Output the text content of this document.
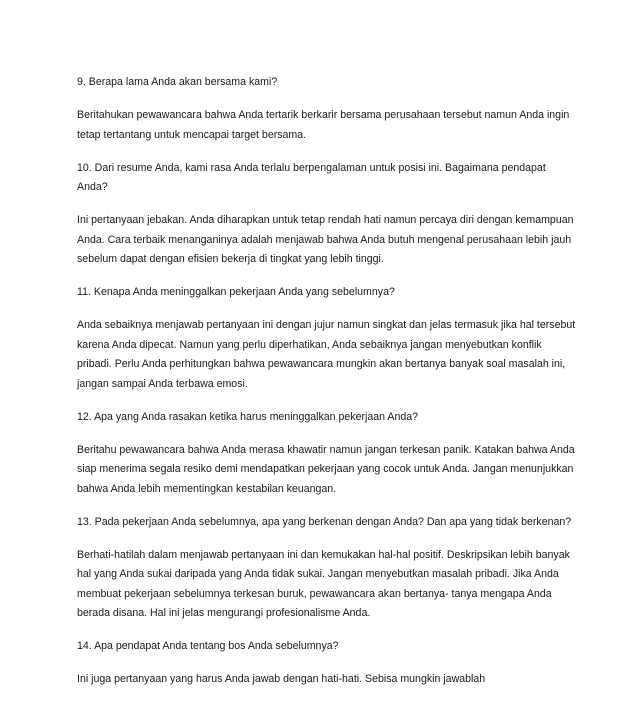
9. Berapa lama Anda akan bersama kami?

Beritahukan pewawancara bahwa Anda tertarik berkarir bersama perusahaan tersebut namun Anda ingin tetap tertantang untuk mencapai target bersama.

10. Dari resume Anda, kami rasa Anda terlalu berpengalaman untuk posisi ini. Bagaimana pendapat Anda?

Ini pertanyaan jebakan. Anda diharapkan untuk tetap rendah hati namun percaya diri dengan kemampuan Anda. Cara terbaik menanganinya adalah menjawab bahwa Anda butuh mengenal perusahaan lebih jauh sebelum dapat dengan efisien bekerja di tingkat yang lebih tinggi.

11. Kenapa Anda meninggalkan pekerjaan Anda yang sebelumnya?

Anda sebaiknya menjawab pertanyaan ini dengan jujur namun singkat dan jelas termasuk jika hal tersebut karena Anda dipecat. Namun yang perlu diperhatikan, Anda sebaiknya jangan menyebutkan konflik pribadi. Perlu Anda perhitungkan bahwa pewawancara mungkin akan bertanya banyak soal masalah ini, jangan sampai Anda terbawa emosi.

12. Apa yang Anda rasakan ketika harus meninggalkan pekerjaan Anda?

Beritahu pewawancara bahwa Anda merasa khawatir namun jangan terkesan panik. Katakan bahwa Anda siap menerima segala resiko demi mendapatkan pekerjaan yang cocok untuk Anda. Jangan menunjukkan bahwa Anda lebih mementingkan kestabilan keuangan.

13. Pada pekerjaan Anda sebelumnya, apa yang berkenan dengan Anda? Dan apa yang tidak berkenan?

Berhati-hatilah dalam menjawab pertanyaan ini dan kemukakan hal-hal positif. Deskripsikan lebih banyak hal yang Anda sukai daripada yang Anda tidak sukai. Jangan menyebutkan masalah pribadi. Jika Anda membuat pekerjaan sebelumnya terkesan buruk, pewawancara akan bertanya- tanya mengapa Anda berada disana. Hal ini jelas mengurangi profesionalisme Anda.

14. Apa pendapat Anda tentang bos Anda sebelumnya?

Ini juga pertanyaan yang harus Anda jawab dengan hati-hati. Sebisa mungkin jawablah
